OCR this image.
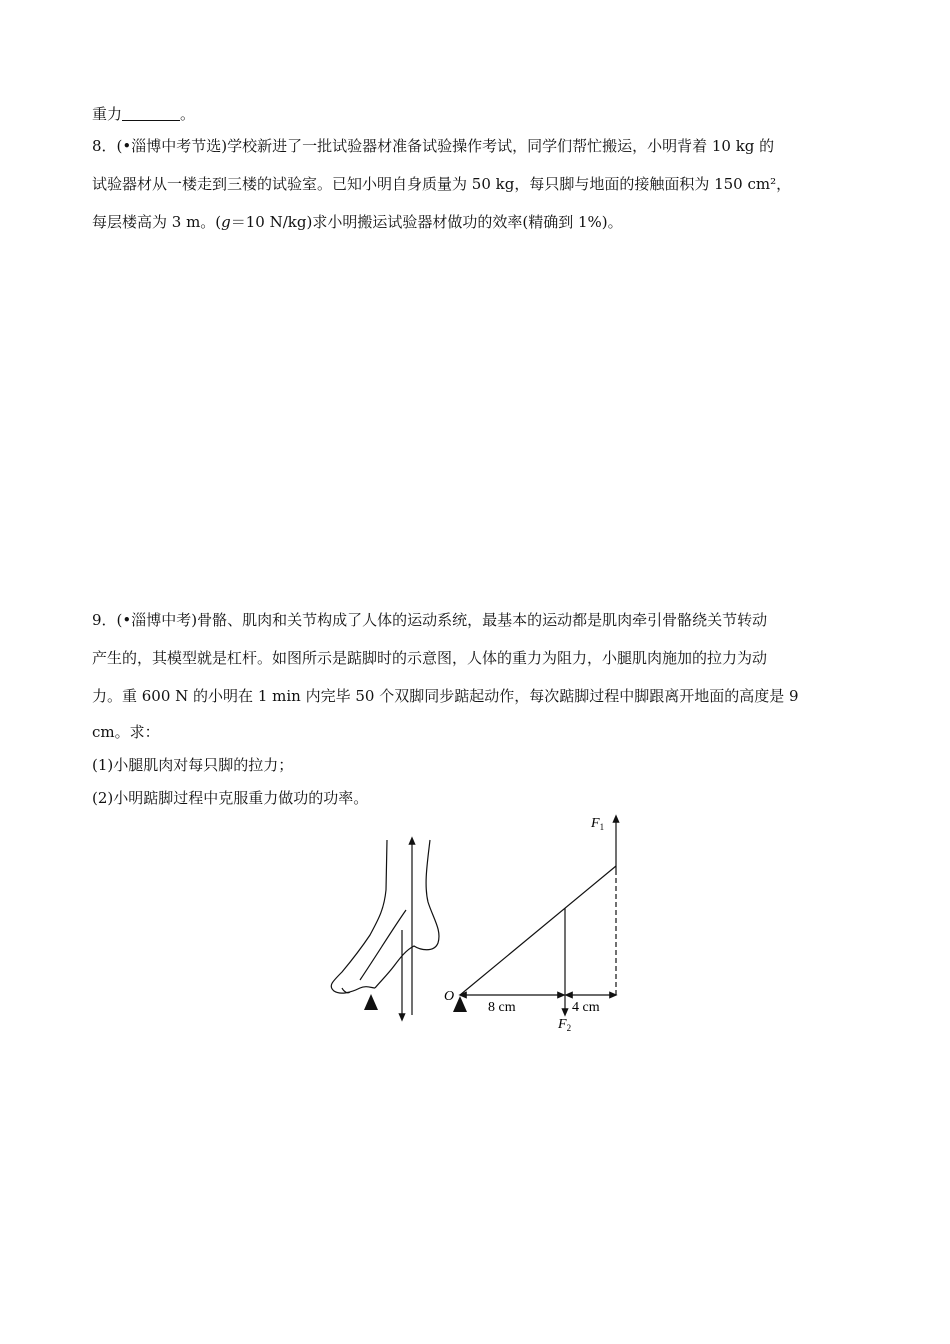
重力	。
8．(•淄博中考节选)学校新进了一批试验器材准备试验操作考试，同学们帮忙搬运，小明背着 10 kg 的
试验器材从一楼走到三楼的试验室。已知小明自身质量为 50 kg，每只脚与地面的接触面积为 150 cm²，
每层楼高为 3 m。(g＝10 N/kg)求小明搬运试验器材做功的效率(精确到 1%)。
9．(•淄博中考)骨骼、肌肉和关节构成了人体的运动系统，最基本的运动都是肌肉牵引骨骼绕关节转动
产生的，其模型就是杠杆。如图所示是踮脚时的示意图，人体的重力为阻力，小腿肌肉施加的拉力为动
力。重 600 N 的小明在 1 min 内完毕 50 个双脚同步踮起动作，每次踮脚过程中脚跟离开地面的高度是 9
cm。求：
(1)小腿肌肉对每只脚的拉力；
(2)小明踮脚过程中克服重力做功的功率。
$F_1$
O
8 cm	4 cm
$F_2$
